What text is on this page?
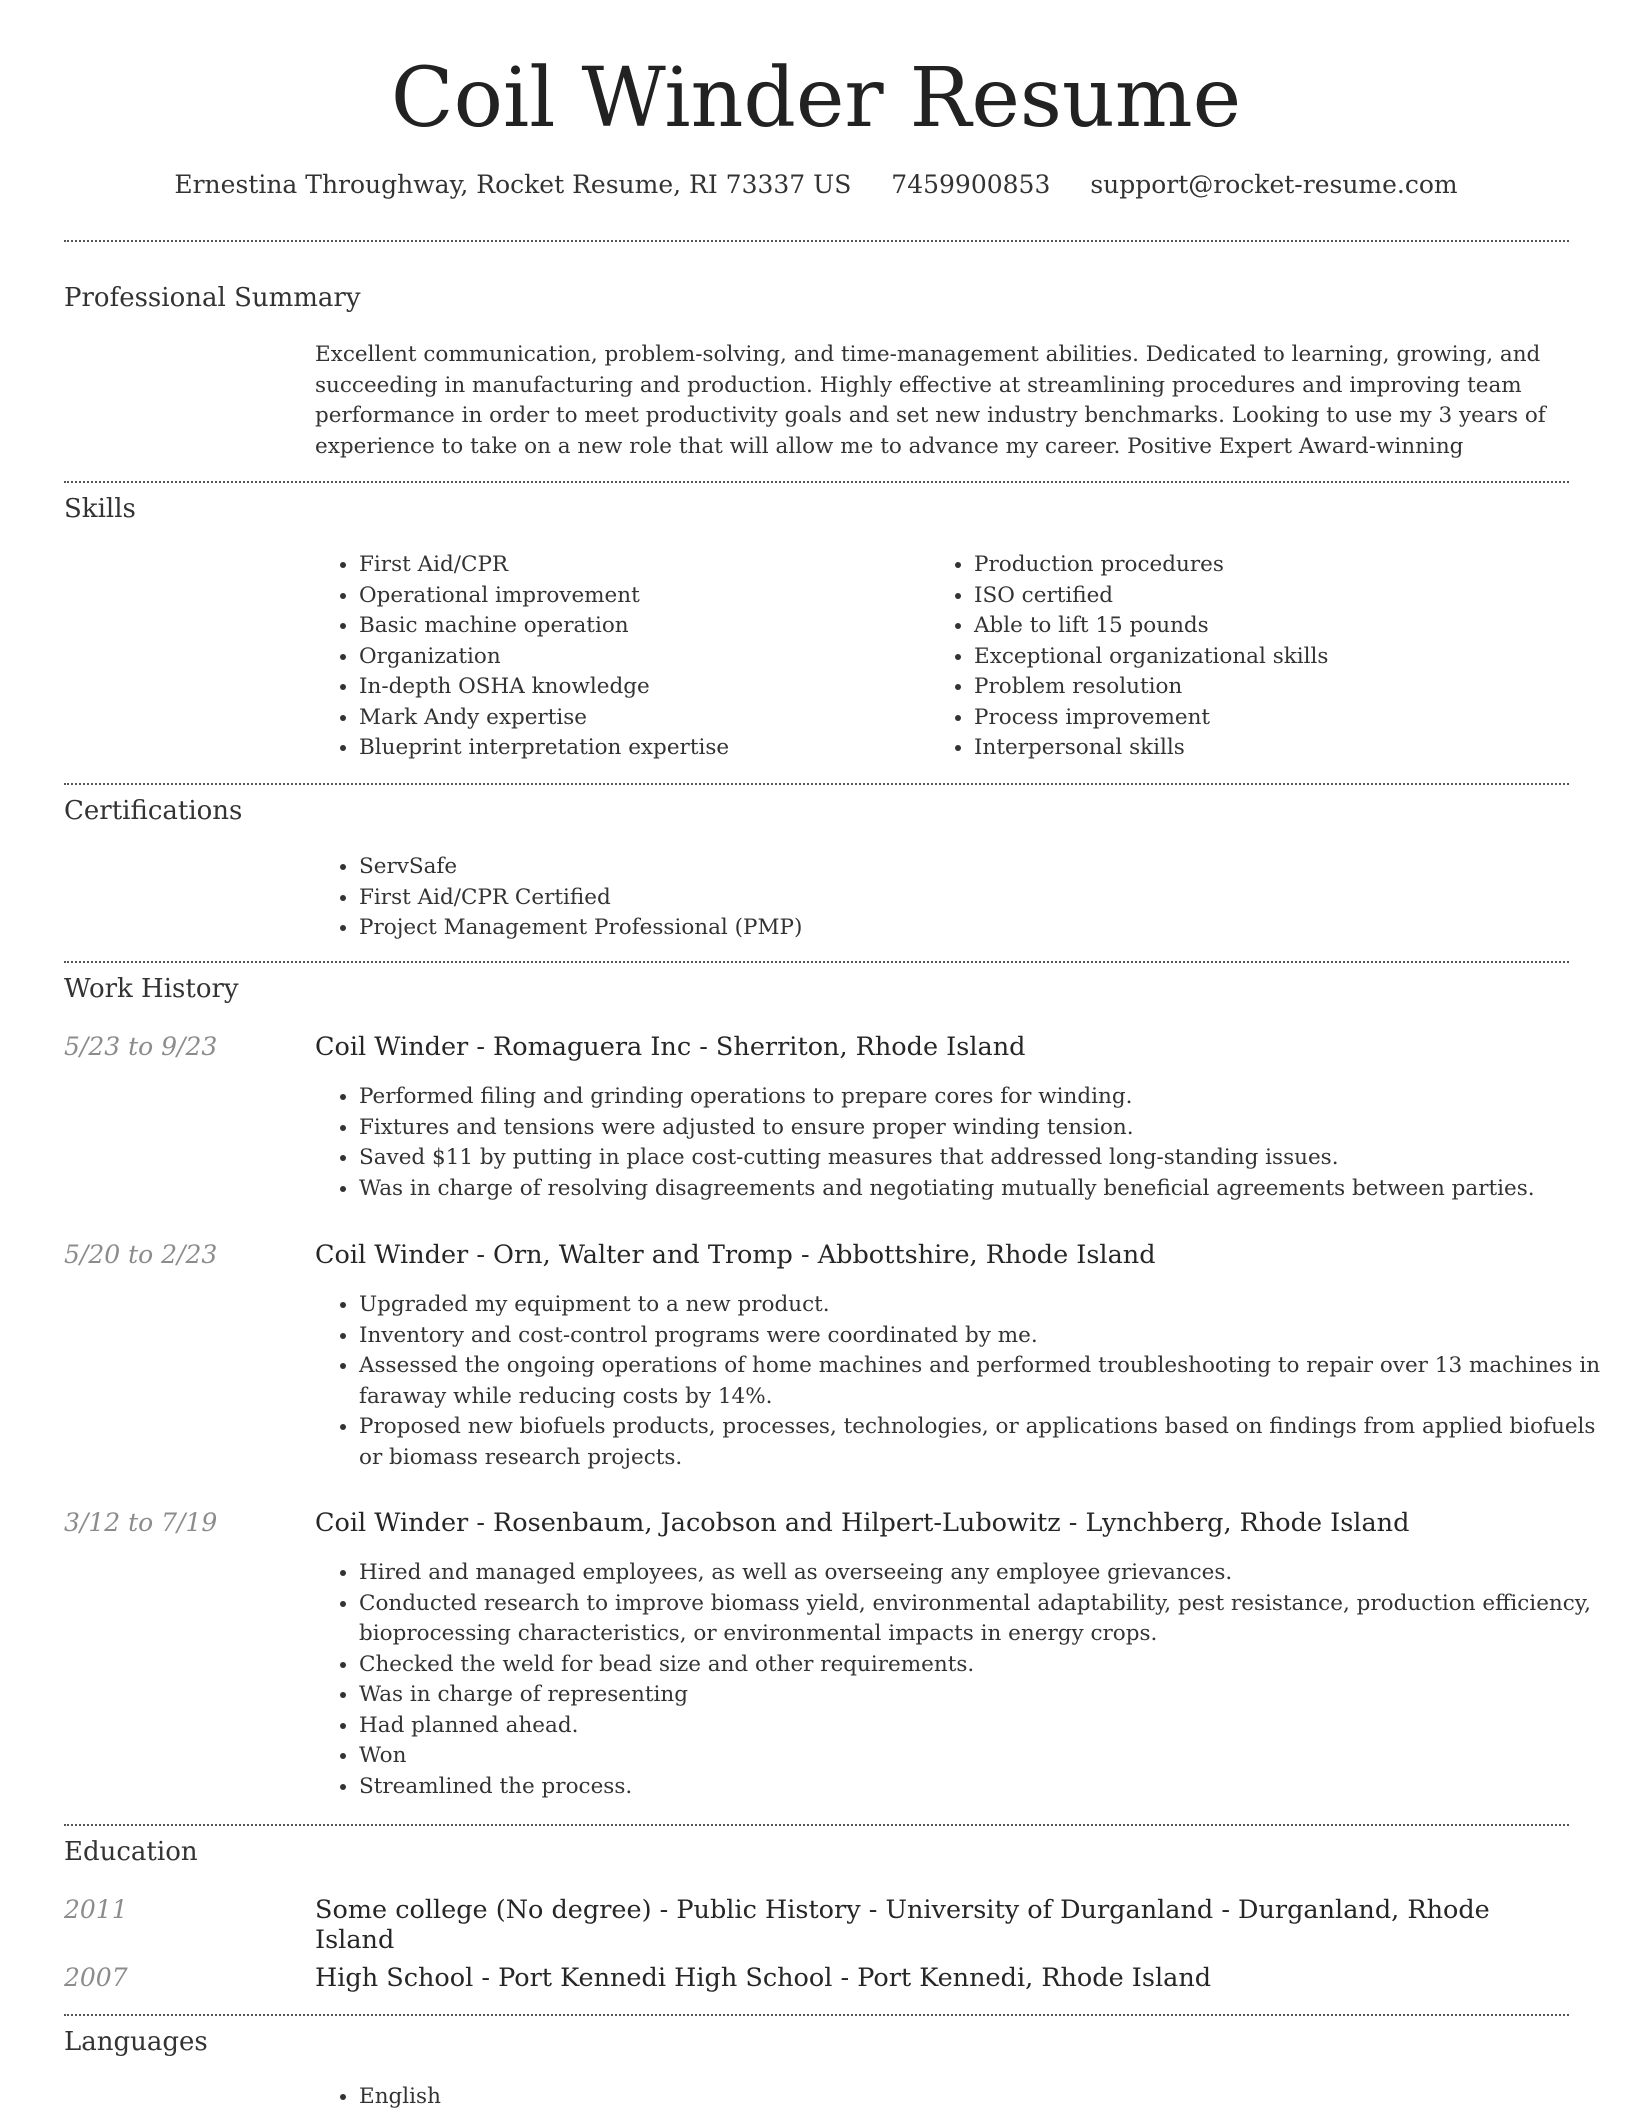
Coil Winder Resume
Ernestina Throughway, Rocket Resume, RI 73337 US 7459900853 support@rocket-resume.com
Professional Summary

Excellent communication, problem-solving, and time-management abilities. Dedicated to learning, growing, and succeeding in manufacturing and production. Highly effective at streamlining procedures and improving team performance in order to meet productivity goals and set new industry benchmarks. Looking to use my 3 years of experience to take on a new role that will allow me to advance my career. Positive Expert Award-winning

Skills
• First Aid/CPR
• Operational improvement
• Basic machine operation
• Organization
• In-depth OSHA knowledge
• Mark Andy expertise
• Blueprint interpretation expertise
• Production procedures
• ISO certified
• Able to lift 15 pounds
• Exceptional organizational skills
• Problem resolution
• Process improvement
• Interpersonal skills
Certifications
• ServSafe
• First Aid/CPR Certified
• Project Management Professional (PMP)
Work History
5/23 to 9/23	Coil Winder - Romaguera Inc - Sherriton, Rhode Island
• Performed filing and grinding operations to prepare cores for winding.
• Fixtures and tensions were adjusted to ensure proper winding tension.
• Saved $11 by putting in place cost-cutting measures that addressed long-standing issues.
• Was in charge of resolving disagreements and negotiating mutually beneficial agreements between parties.
5/20 to 2/23	Coil Winder - Orn, Walter and Tromp - Abbottshire, Rhode Island
• Upgraded my equipment to a new product.
• Inventory and cost-control programs were coordinated by me.
• Assessed the ongoing operations of home machines and performed troubleshooting to repair over 13 machines in faraway while reducing costs by 14%.
• Proposed new biofuels products, processes, technologies, or applications based on findings from applied biofuels or biomass research projects.
3/12 to 7/19	Coil Winder - Rosenbaum, Jacobson and Hilpert-Lubowitz - Lynchberg, Rhode Island
• Hired and managed employees, as well as overseeing any employee grievances.
• Conducted research to improve biomass yield, environmental adaptability, pest resistance, production efficiency, bioprocessing characteristics, or environmental impacts in energy crops.
• Checked the weld for bead size and other requirements.
• Was in charge of representing
• Had planned ahead.
• Won
• Streamlined the process.
Education
2011	Some college (No degree) - Public History - University of Durganland - Durganland, Rhode Island
2007	High School - Port Kennedi High School - Port Kennedi, Rhode Island
Languages
• English
